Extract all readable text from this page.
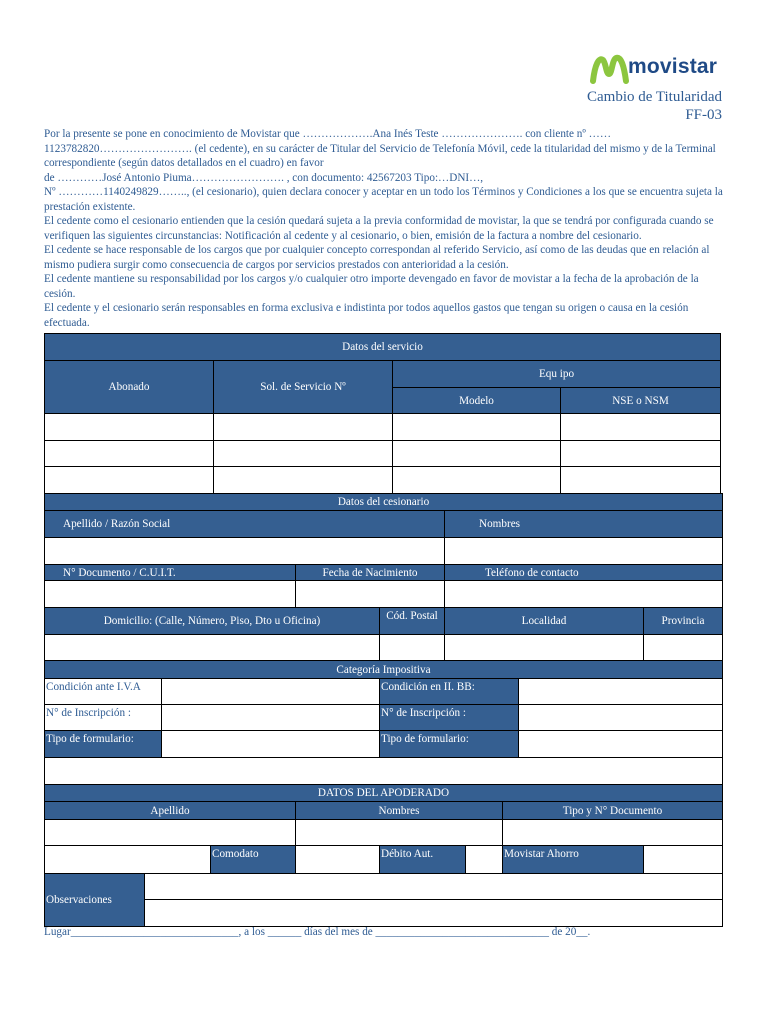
movistar
Cambio de Titularidad
FF-03

Por la presente se pone en conocimiento de Movistar que ……………….Ana Inés Teste …………………. con cliente nº …… 1123782820……………………. (el cedente), en su carácter de Titular del Servicio de Telefonía Móvil, cede la titularidad del mismo y de la Terminal correspondiente (según datos detallados en el cuadro) en favor

de …………José Antonio Piuma……………………. , con documento: 42567203 Tipo:…DNI…,

Nº …………1140249829…….., (el cesionario), quien declara conocer y aceptar en un todo los Términos y Condiciones a los que se encuentra sujeta la prestación existente.

El cedente como el cesionario entienden que la cesión quedará sujeta a la previa conformidad de movistar, la que se tendrá por configurada cuando se verifiquen las siguientes circunstancias: Notificación al cedente y al cesionario, o bien, emisión de la factura a nombre del cesionario.

El cedente se hace responsable de los cargos que por cualquier concepto correspondan al referido Servicio, así como de las deudas que en relación al mismo pudiera surgir como consecuencia de cargos por servicios prestados con anterioridad a la cesión.

El cedente mantiene su responsabilidad por los cargos y/o cualquier otro importe devengado en favor de movistar a la fecha de la aprobación de la cesión.

El cedente y el cesionario serán responsables en forma exclusiva e indistinta por todos aquellos gastos que tengan su origen o causa en la cesión efectuada.

Datos del servicio
Abonado	Sol. de Servicio Nº
Equ ipo
Modelo	NSE o NSM
Datos del cesionario
Apellido / Razón Social	Nombres
N° Documento / C.U.I.T.	Fecha de Nacimiento	Teléfono de contacto
Domicilio: (Calle, Número, Piso, Dto u Oficina)	Cód. Postal	Localidad	Provincia
Categoría Impositiva
Condición ante I.V.A	Condición en II. BB:
N° de Inscripción :	N° de Inscripción :
Tipo de formulario:	Tipo de formulario:
DATOS DEL APODERADO
Apellido	Nombres	Tipo y N° Documento
Comodato	Débito Aut.	Movistar Ahorro
Observaciones
Lugar______________________________, a los ______ días del mes de _______________________________ de 20__.
